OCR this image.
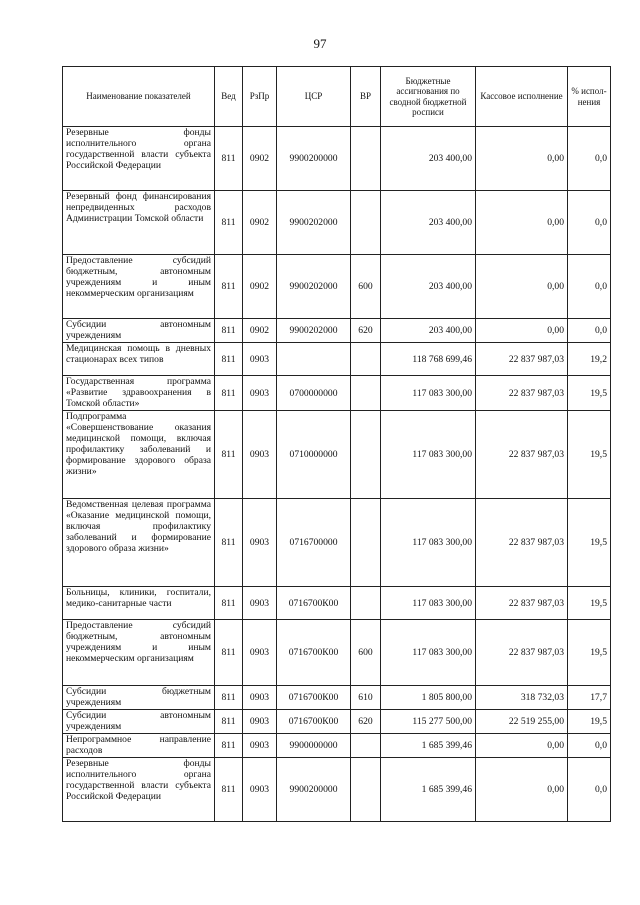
97
Наименование показателей	Вед	РзПр	ЦСР	ВР	Бюджетные ассигнования по сводной бюджетной росписи	Кассовое исполнение	% испол-нения
Резервные фонды исполнительного органа государственной власти субъекта Российской Федерации	811	0902	9900200000		203 400,00	0,00	0,0
Резервный фонд финансирования непредвиденных расходов Администрации Томской области	811	0902	9900202000		203 400,00	0,00	0,0
Предоставление субсидий бюджетным, автономным учреждениям и иным некоммерческим организациям	811	0902	9900202000	600	203 400,00	0,00	0,0
Субсидии автономным учреждениям	811	0902	9900202000	620	203 400,00	0,00	0,0
Медицинская помощь в дневных стационарах всех типов	811	0903			118 768 699,46	22 837 987,03	19,2
Государственная программа «Развитие здравоохранения в Томской области»	811	0903	0700000000		117 083 300,00	22 837 987,03	19,5
Подпрограмма «Совершенствование оказания медицинской помощи, включая профилактику заболеваний и формирование здорового образа жизни»	811	0903	0710000000		117 083 300,00	22 837 987,03	19,5
Ведомственная целевая программа «Оказание медицинской помощи, включая профилактику заболеваний и формирование здорового образа жизни»	811	0903	0716700000		117 083 300,00	22 837 987,03	19,5
Больницы, клиники, госпитали, медико-санитарные части	811	0903	0716700К00		117 083 300,00	22 837 987,03	19,5
Предоставление субсидий бюджетным, автономным учреждениям и иным некоммерческим организациям	811	0903	0716700К00	600	117 083 300,00	22 837 987,03	19,5
Субсидии бюджетным учреждениям	811	0903	0716700К00	610	1 805 800,00	318 732,03	17,7
Субсидии автономным учреждениям	811	0903	0716700К00	620	115 277 500,00	22 519 255,00	19,5
Непрограммное направление расходов	811	0903	9900000000		1 685 399,46	0,00	0,0
Резервные фонды исполнительного органа государственной власти субъекта Российской Федерации	811	0903	9900200000		1 685 399,46	0,00	0,0
